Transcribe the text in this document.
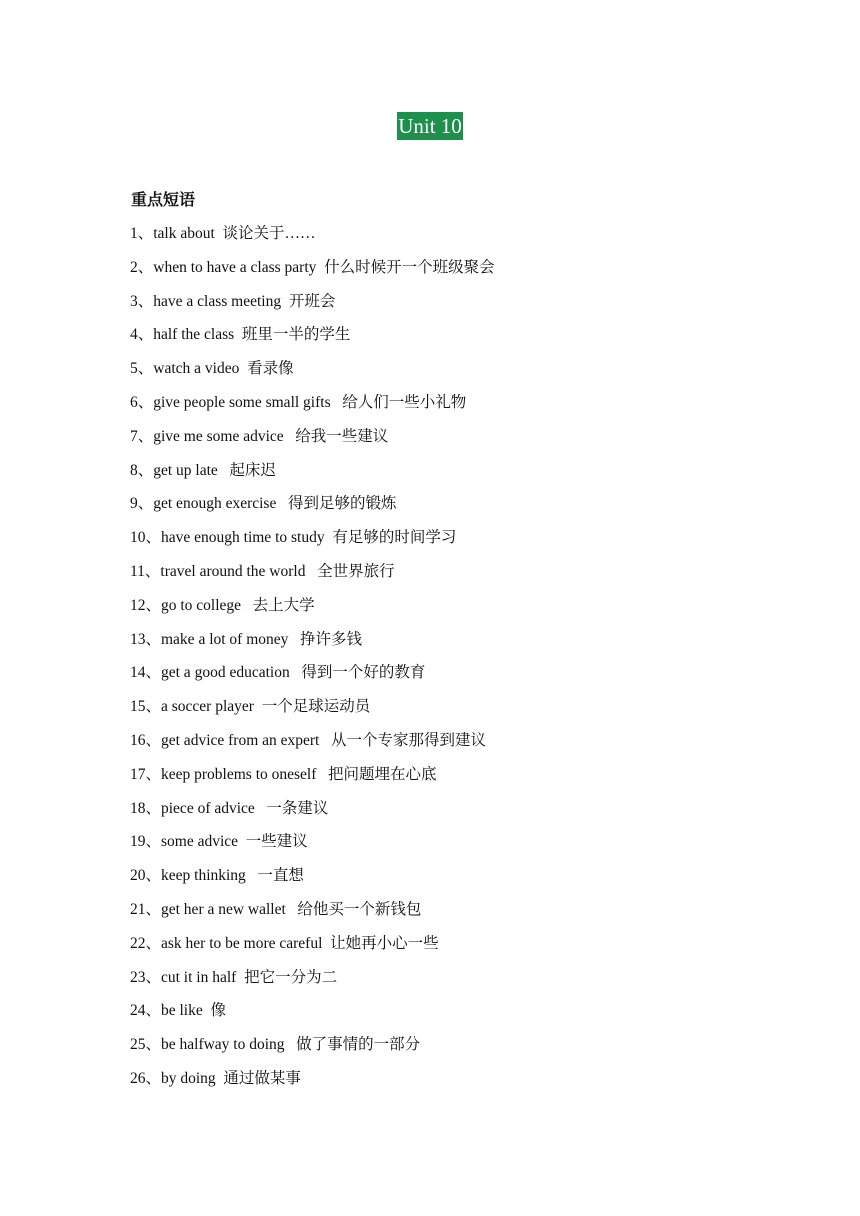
Unit 10
重点短语
1、talk about  谈论关于……
2、when to have a class party  什么时候开一个班级聚会
3、have a class meeting  开班会
4、half the class  班里一半的学生
5、watch a video  看录像
6、give people some small gifts   给人们一些小礼物
7、give me some advice   给我一些建议
8、get up late   起床迟
9、get enough exercise   得到足够的锻炼
10、have enough time to study  有足够的时间学习
11、travel around the world   全世界旅行
12、go to college   去上大学
13、make a lot of money   挣许多钱
14、get a good education   得到一个好的教育
15、a soccer player  一个足球运动员
16、get advice from an expert   从一个专家那得到建议
17、keep problems to oneself   把问题埋在心底
18、piece of advice   一条建议
19、some advice  一些建议
20、keep thinking   一直想
21、get her a new wallet   给他买一个新钱包
22、ask her to be more careful  让她再小心一些
23、cut it in half  把它一分为二
24、be like  像
25、be halfway to doing   做了事情的一部分
26、by doing  通过做某事
